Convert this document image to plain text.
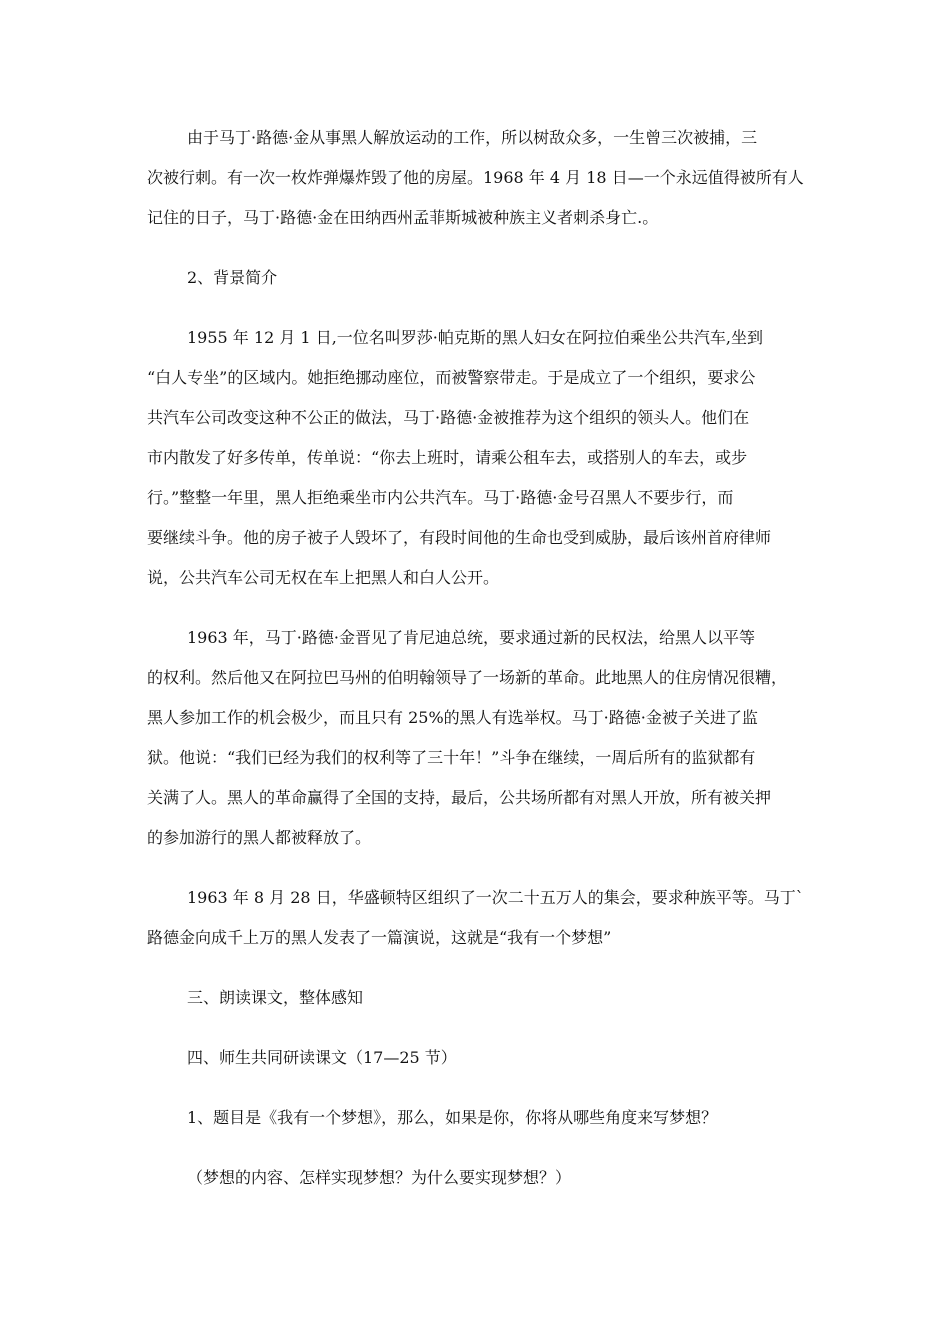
由于马丁·路德·金从事黑人解放运动的工作，所以树敌众多，一生曾三次被捕，三
次被行刺。有一次一枚炸弹爆炸毁了他的房屋。1968 年 4 月 18 日—一个永远值得被所有人
记住的日子，马丁·路德·金在田纳西州孟菲斯城被种族主义者刺杀身亡.。
2、背景简介
1955 年 12 月 1 日,一位名叫罗莎·帕克斯的黑人妇女在阿拉伯乘坐公共汽车,坐到
“白人专坐”的区域内。她拒绝挪动座位，而被警察带走。于是成立了一个组织，要求公
共汽车公司改变这种不公正的做法，马丁·路德·金被推荐为这个组织的领头人。他们在
市内散发了好多传单，传单说：“你去上班时，请乘公租车去，或搭别人的车去，或步
行。”整整一年里，黑人拒绝乘坐市内公共汽车。马丁·路德·金号召黑人不要步行，而
要继续斗争。他的房子被子人毁坏了，有段时间他的生命也受到威胁，最后该州首府律师
说，公共汽车公司无权在车上把黑人和白人公开。
1963 年，马丁·路德·金晋见了肯尼迪总统，要求通过新的民权法，给黑人以平等
的权利。然后他又在阿拉巴马州的伯明翰领导了一场新的革命。此地黑人的住房情况很糟，
黑人参加工作的机会极少，而且只有 25%的黑人有选举权。马丁·路德·金被子关进了监
狱。他说：“我们已经为我们的权利等了三十年！”斗争在继续，一周后所有的监狱都有
关满了人。黑人的革命赢得了全国的支持，最后，公共场所都有对黑人开放，所有被关押
的参加游行的黑人都被释放了。
1963 年 8 月 28 日，华盛顿特区组织了一次二十五万人的集会，要求种族平等。马丁`
路德金向成千上万的黑人发表了一篇演说，这就是“我有一个梦想”
三、朗读课文，整体感知
四、师生共同研读课文（17—25 节）
1、题目是《我有一个梦想》，那么，如果是你，你将从哪些角度来写梦想？
（梦想的内容、怎样实现梦想？为什么要实现梦想？）
